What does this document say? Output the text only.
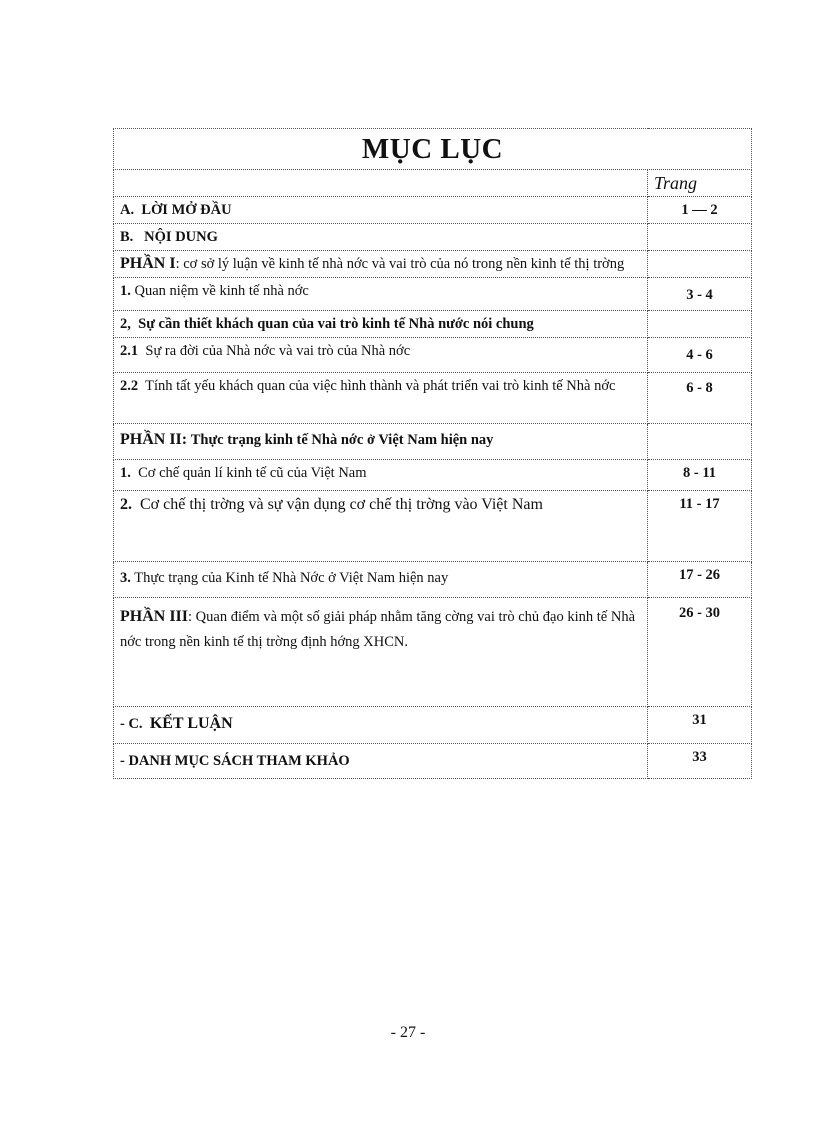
MỤC LỤC	
	Trang
A. LỜI MỞ ĐẦU	1 — 2
B. NỘI DUNG	
PHẦN I: cơ sở lý luận về kinh tế nhà nớc và vai trò của nó trong nền kinh tế thị trờng	
1. Quan niệm về kinh tế nhà nớc	3 - 4
2, Sự cần thiết khách quan của vai trò kinh tế Nhà nước nói chung	
2.1 Sự ra đời của Nhà nớc và vai trò của Nhà nớc	4 - 6
2.2 Tính tất yếu khách quan của việc hình thành và phát triển vai trò kinh tế Nhà nớc	6 - 8
PHẦN II: Thực trạng kinh tế Nhà nớc ở Việt Nam hiện nay	
1. Cơ chế quản lí kinh tế cũ của Việt Nam	8 - 11
2. Cơ chế thị trờng và sự vận dụng cơ chế thị trờng vào Việt Nam	11 - 17
3. Thực trạng của Kinh tế Nhà Nớc ở Việt Nam hiện nay	17 - 26
PHẦN III: Quan điểm và một số giải pháp nhằm tăng cờng vai trò chủ đạo kinh tế Nhà nớc trong nền kinh tế thị trờng định hớng XHCN.	26 - 30
- C. KẾT LUẬN	31
- DANH MỤC SÁCH THAM KHẢO	33
- 27 -
